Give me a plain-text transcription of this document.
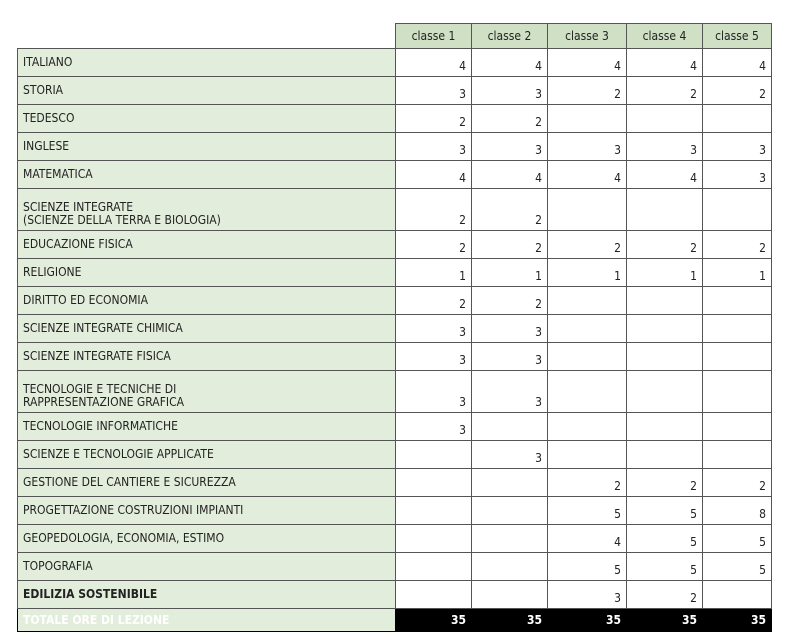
	classe 1	classe 2	classe 3	classe 4	classe 5
ITALIANO	4	4	4	4	4
STORIA	3	3	2	2	2
TEDESCO	2	2			
INGLESE	3	3	3	3	3
MATEMATICA	4	4	4	4	3
SCIENZE INTEGRATE
(SCIENZE DELLA TERRA E BIOLOGIA)	2	2			
EDUCAZIONE FISICA	2	2	2	2	2
RELIGIONE	1	1	1	1	1
DIRITTO ED ECONOMIA	2	2			
SCIENZE INTEGRATE CHIMICA	3	3			
SCIENZE INTEGRATE FISICA	3	3			
TECNOLOGIE E TECNICHE DI
RAPPRESENTAZIONE GRAFICA	3	3			
TECNOLOGIE INFORMATICHE	3				
SCIENZE E TECNOLOGIE APPLICATE		3			
GESTIONE DEL CANTIERE E SICUREZZA			2	2	2
PROGETTAZIONE COSTRUZIONI IMPIANTI			5	5	8
GEOPEDOLOGIA, ECONOMIA, ESTIMO			4	5	5
TOPOGRAFIA			5	5	5
EDILIZIA SOSTENIBILE			3	2	
TOTALE ORE DI LEZIONE	35	35	35	35	35
